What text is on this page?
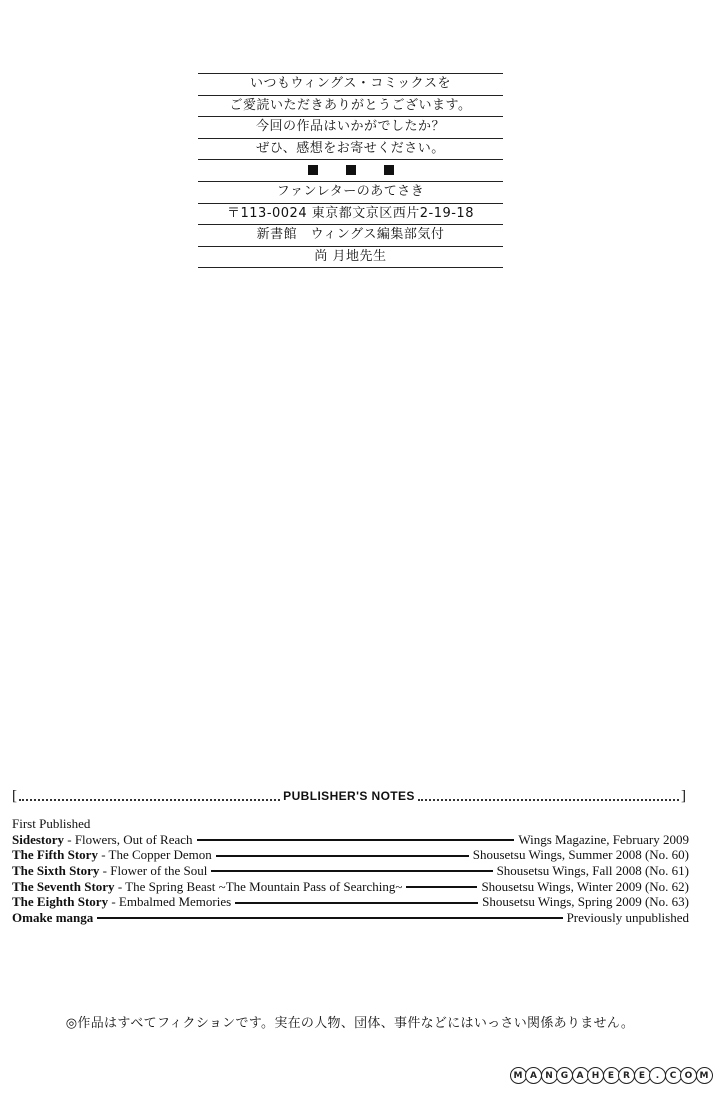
いつもウィングス・コミックスを
ご愛読いただきありがとうございます。
今回の作品はいかがでしたか？
ぜひ、感想をお寄せください。
ファンレターのあてさき
〒113-0024 東京都文京区西片2-19-18
新書館　ウィングス編集部気付
尚 月地先生
[	PUBLISHER'S NOTES	]
First Published
Sidestory - Flowers, Out of Reach	Wings Magazine, February 2009
The Fifth Story - The Copper Demon	Shousetsu Wings, Summer 2008 (No. 60)
The Sixth Story - Flower of the Soul	Shousetsu Wings, Fall 2008 (No. 61)
The Seventh Story - The Spring Beast ~The Mountain Pass of Searching~	Shousetsu Wings, Winter 2009 (No. 62)
The Eighth Story - Embalmed Memories	Shousetsu Wings, Spring 2009 (No. 63)
Omake manga	Previously unpublished
◎作品はすべてフィクションです。実在の人物、団体、事件などにはいっさい関係ありません。
M A N G A H E R E	.	C O M
